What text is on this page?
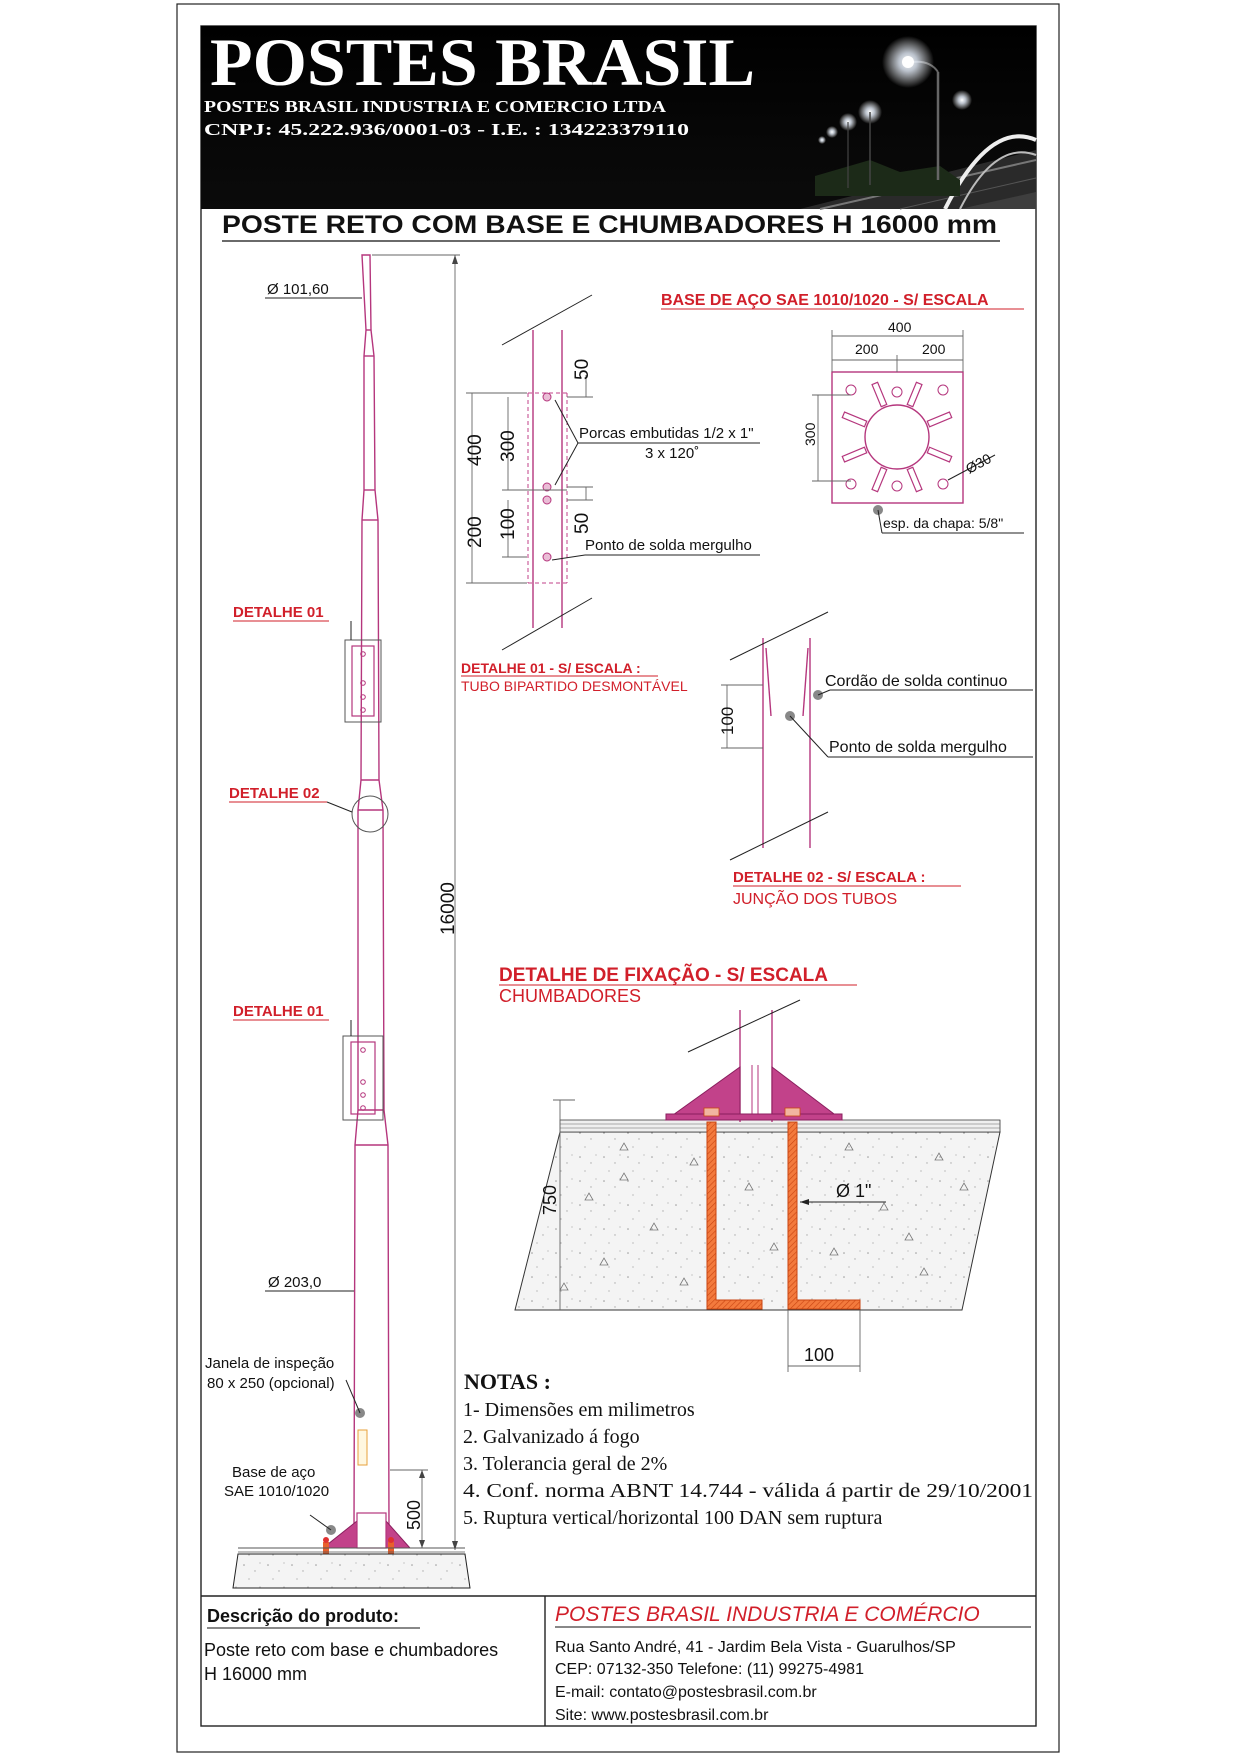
POSTES BRASIL
POSTES BRASIL INDUSTRIA E COMERCIO LTDA
CNPJ: 45.222.936/0001-03 - I.E. : 134223379110
POSTE RETO COM BASE E CHUMBADORES H 16000 mm
16000
500
Ø 101,60
Ø 203,0
DETALHE 01
DETALHE 02
DETALHE 01
Janela de inspeção
80 x 250 (opcional)
Base de aço
SAE 1010/1020
50
400 300
200 100	50
Porcas embutidas 1/2 x 1"
3 x 120˚
Ponto de solda mergulho
DETALHE 01 - S/ ESCALA :
TUBO BIPARTIDO DESMONTÁVEL
BASE DE AÇO SAE 1010/1020 - S/ ESCALA
400
200	200
300
Ø30
esp. da chapa: 5/8"
100
Cordão de solda continuo
Ponto de solda mergulho
DETALHE 02 - S/ ESCALA :
JUNÇÃO DOS TUBOS
DETALHE DE FIXAÇÃO - S/ ESCALA
CHUMBADORES
750	Ø 1"
100
NOTAS :
1- Dimensões em milimetros
2. Galvanizado á fogo
3. Tolerancia geral de 2%
4. Conf. norma ABNT 14.744 - válida á partir de 29/10/2001
5. Ruptura vertical/horizontal 100 DAN sem ruptura
Descrição do produto:
Poste reto com base e chumbadores
H 16000 mm
POSTES BRASIL INDUSTRIA E COMÉRCIO
Rua Santo André, 41 - Jardim Bela Vista - Guarulhos/SP
CEP: 07132-350 Telefone: (11) 99275-4981
E-mail: contato@postesbrasil.com.br
Site: www.postesbrasil.com.br
